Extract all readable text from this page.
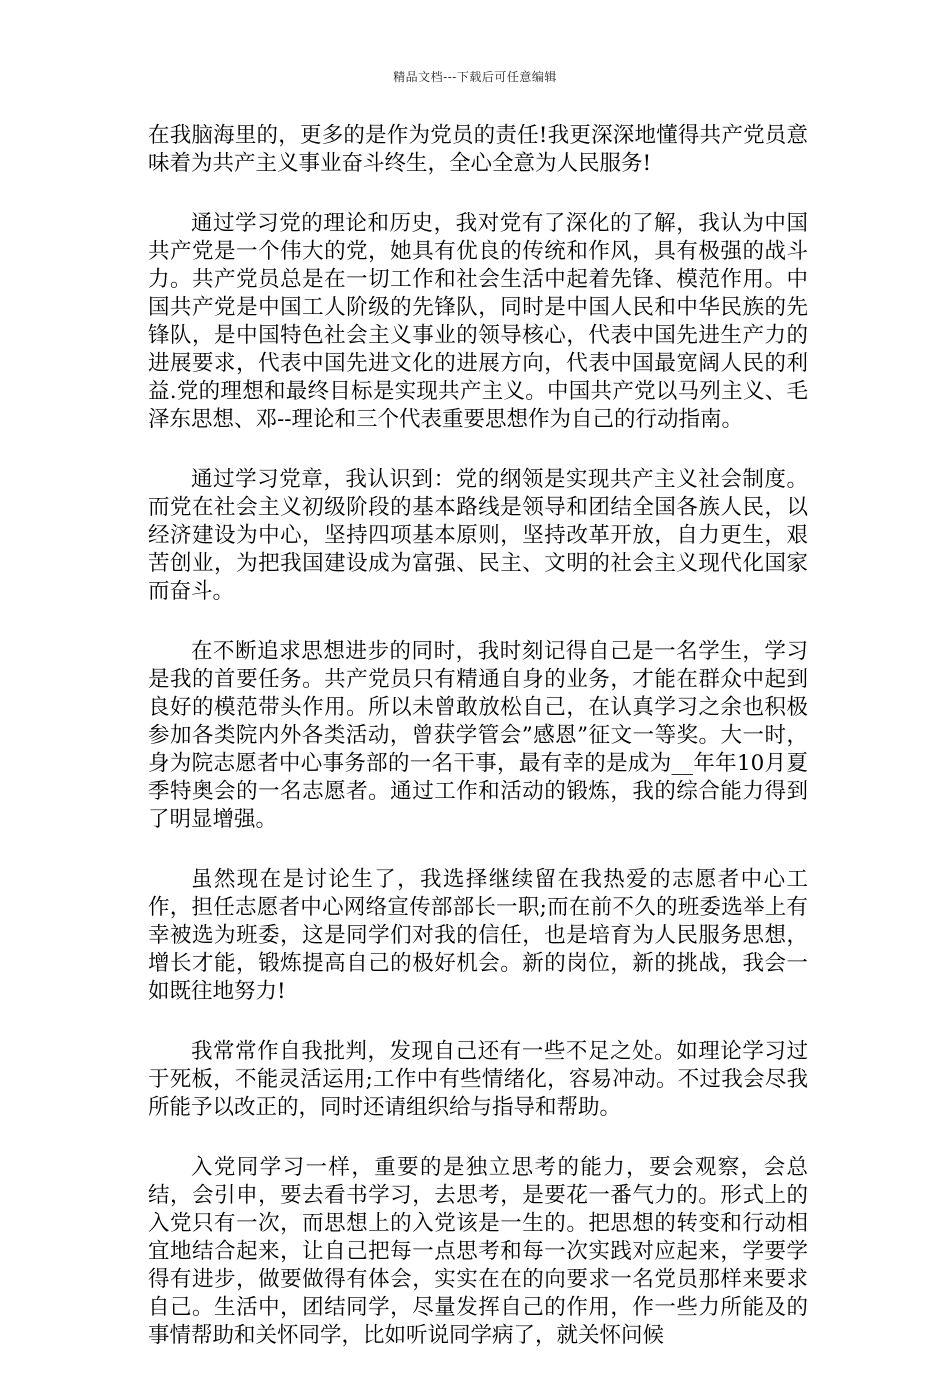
精品文档---下载后可任意编辑

在我脑海里的，更多的是作为党员的责任!我更深深地懂得共产党员意味着为共产主义事业奋斗终生，全心全意为人民服务!

通过学习党的理论和历史，我对党有了深化的了解，我认为中国共产党是一个伟大的党，她具有优良的传统和作风，具有极强的战斗力。共产党员总是在一切工作和社会生活中起着先锋、模范作用。中国共产党是中国工人阶级的先锋队，同时是中国人民和中华民族的先锋队，是中国特色社会主义事业的领导核心，代表中国先进生产力的进展要求，代表中国先进文化的进展方向，代表中国最宽阔人民的利益.党的理想和最终目标是实现共产主义。中国共产党以马列主义、毛泽东思想、邓--理论和三个代表重要思想作为自己的行动指南。

通过学习党章，我认识到：党的纲领是实现共产主义社会制度。而党在社会主义初级阶段的基本路线是领导和团结全国各族人民，以经济建设为中心，坚持四项基本原则，坚持改革开放，自力更生，艰苦创业，为把我国建设成为富强、民主、文明的社会主义现代化国家而奋斗。

在不断追求思想进步的同时，我时刻记得自己是一名学生，学习是我的首要任务。共产党员只有精通自身的业务，才能在群众中起到良好的模范带头作用。所以未曾敢放松自己，在认真学习之余也积极参加各类院内外各类活动，曾获学管会”感恩”征文一等奖。大一时，身为院志愿者中心事务部的一名干事，最有幸的是成为__年年10月夏季特奥会的一名志愿者。通过工作和活动的锻炼，我的综合能力得到了明显增强。

虽然现在是讨论生了，我选择继续留在我热爱的志愿者中心工作，担任志愿者中心网络宣传部部长一职;而在前不久的班委选举上有幸被选为班委，这是同学们对我的信任，也是培育为人民服务思想，增长才能，锻炼提高自己的极好机会。新的岗位，新的挑战，我会一如既往地努力!

我常常作自我批判，发现自己还有一些不足之处。如理论学习过于死板，不能灵活运用;工作中有些情绪化，容易冲动。不过我会尽我所能予以改正的，同时还请组织给与指导和帮助。

入党同学习一样，重要的是独立思考的能力，要会观察，会总结，会引申，要去看书学习，去思考，是要花一番气力的。形式上的入党只有一次，而思想上的入党该是一生的。把思想的转变和行动相宜地结合起来，让自己把每一点思考和每一次实践对应起来，学要学得有进步，做要做得有体会，实实在在的向要求一名党员那样来要求自己。生活中，团结同学，尽量发挥自己的作用，作一些力所能及的事情帮助和关怀同学，比如听说同学病了，就关怀问候
